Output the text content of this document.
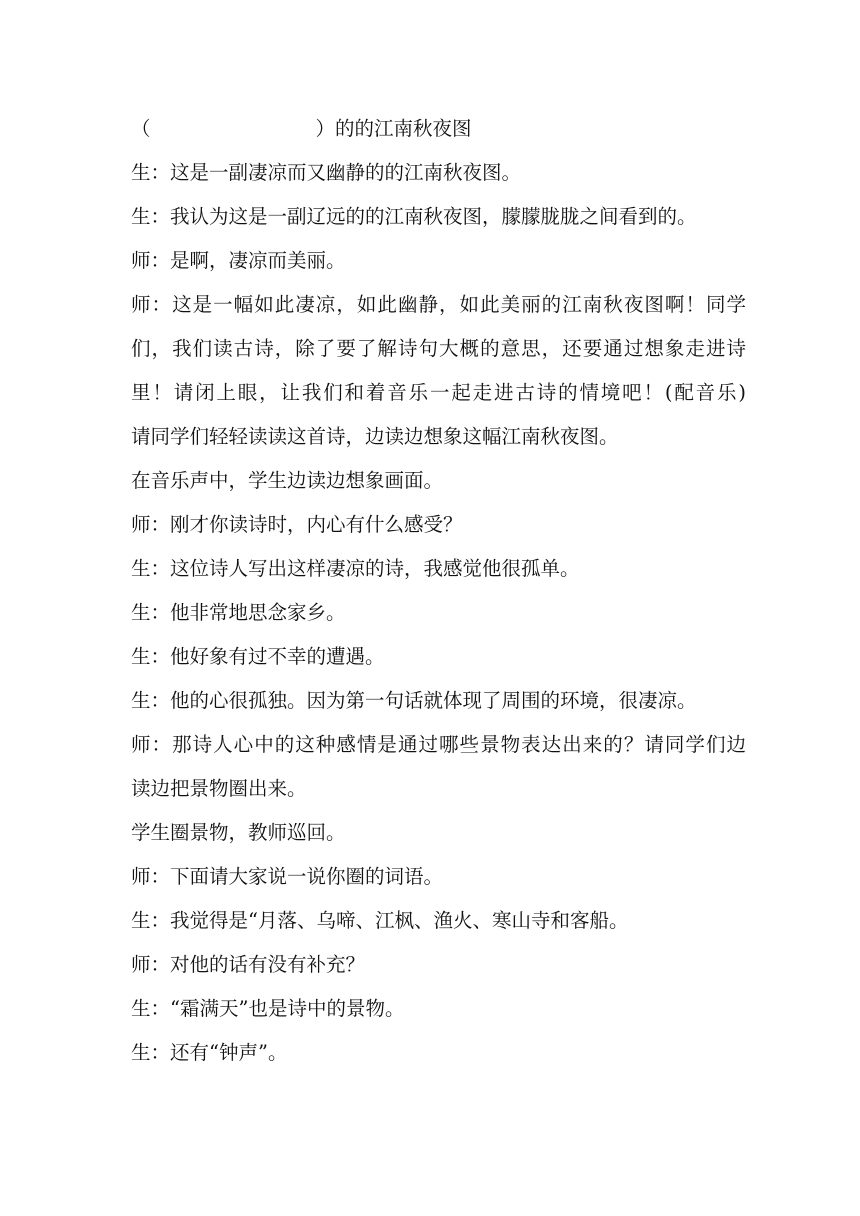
（	）的的江南秋夜图
生：这是一副凄凉而又幽静的的江南秋夜图。
生：我认为这是一副辽远的的江南秋夜图，朦朦胧胧之间看到的。
师：是啊，凄凉而美丽。
师：这是一幅如此凄凉，如此幽静，如此美丽的江南秋夜图啊！同学
们，我们读古诗，除了要了解诗句大概的意思，还要通过想象走进诗
里！请闭上眼，让我们和着音乐一起走进古诗的情境吧！(配音乐)
请同学们轻轻读读这首诗，边读边想象这幅江南秋夜图。
在音乐声中，学生边读边想象画面。
师：刚才你读诗时，内心有什么感受？
生：这位诗人写出这样凄凉的诗，我感觉他很孤单。
生：他非常地思念家乡。
生：他好象有过不幸的遭遇。
生：他的心很孤独。因为第一句话就体现了周围的环境，很凄凉。
师：那诗人心中的这种感情是通过哪些景物表达出来的？请同学们边
读边把景物圈出来。
学生圈景物，教师巡回。
师：下面请大家说一说你圈的词语。
生：我觉得是“月落、乌啼、江枫、渔火、寒山寺和客船。
师：对他的话有没有补充？
生：“霜满天”也是诗中的景物。
生：还有“钟声”。
